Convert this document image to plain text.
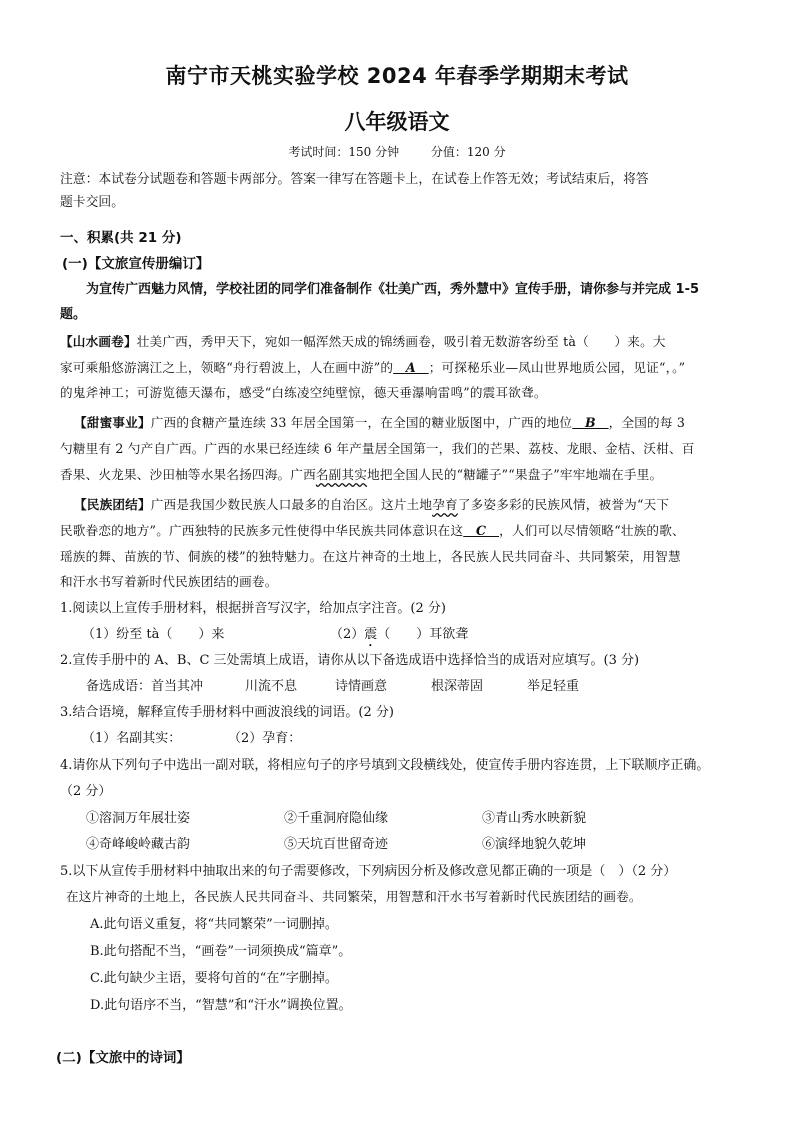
南宁市天桃实验学校 2024 年春季学期期末考试
八年级语文
考试时间：150 分钟	分值：120 分
注意：本试卷分试题卷和答题卡两部分。答案一律写在答题卡上，在试卷上作答无效；考试结束后，将答
题卡交回。
一、积累(共 21 分)
(一)【文旅宣传册编订】
为宣传广西魅力风情，学校社团的同学们准备制作《壮美广西，秀外慧中》宣传手册，请你参与并完成 1-5
题。
【山水画卷】壮美广西，秀甲天下，宛如一幅浑然天成的锦绣画卷，吸引着无数游客纷至 tà（　　）来。大
家可乘船悠游漓江之上，领略“舟行碧波上，人在画中游”的　A　；可探秘乐业—凤山世界地质公园，见证“，。”
的鬼斧神工；可游览德天瀑布，感受“白练凌空纯壁惊，德天垂瀑响雷鸣”的震耳欲聋。
【甜蜜事业】广西的食糖产量连续 33 年居全国第一，在全国的糖业版图中，广西的地位　B　，全国的每 3
勺糖里有 2 勺产自广西。广西的水果已经连续 6 年产量居全国第一，我们的芒果、荔枝、龙眼、金桔、沃柑、百
香果、火龙果、沙田柚等水果名扬四海。广西名副其实地把全国人民的“糖罐子”“果盘子”牢牢地端在手里。
【民族团结】广西是我国少数民族人口最多的自治区。这片土地孕育了多姿多彩的民族风情，被誉为“天下
民歌眷恋的地方”。广西独特的民族多元性使得中华民族共同体意识在这　C　，人们可以尽情领略“壮族的歌、
瑶族的舞、苗族的节、侗族的楼”的独特魅力。在这片神奇的土地上，各民族人民共同奋斗、共同繁荣，用智慧
和汗水书写着新时代民族团结的画卷。
1.阅读以上宣传手册材料，根据拼音写汉字，给加点字注音。(2 分)
（1）纷至 tà（　　）来	（2）震（　　）耳欲聋
2.宣传手册中的 A、B、C 三处需填上成语，请你从以下备选成语中选择恰当的成语对应填写。(3 分)
备选成语：首当其冲	川流不息	诗情画意	根深蒂固	举足轻重
3.结合语境，解释宣传手册材料中画波浪线的词语。(2 分)
（1）名副其实：	（2）孕育：
4.请你从下列句子中选出一副对联，将相应句子的序号填到文段横线处，使宣传手册内容连贯，上下联顺序正确。
（2 分）
①溶洞万年展壮姿	②千重洞府隐仙缘	③青山秀水映新貌
④奇峰峻岭藏古韵	⑤天坑百世留奇迹	⑥演绎地貌久乾坤
5.以下从宣传手册材料中抽取出来的句子需要修改，下列病因分析及修改意见都正确的一项是（　）（2 分）
在这片神奇的土地上，各民族人民共同奋斗、共同繁荣，用智慧和汗水书写着新时代民族团结的画卷。
A.此句语义重复，将“共同繁荣”一词删掉。
B.此句搭配不当，“画卷”一词须换成“篇章”。
C.此句缺少主语，要将句首的“在”字删掉。
D.此句语序不当，“智慧”和“汗水”调换位置。
(二)【文旅中的诗词】
